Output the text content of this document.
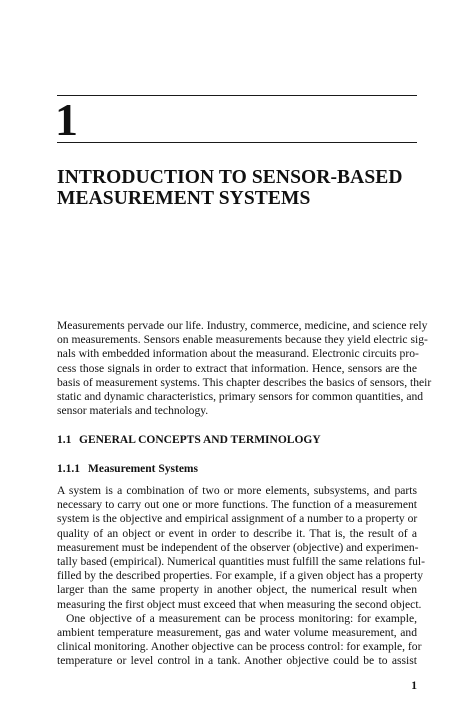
1
INTRODUCTION TO SENSOR-BASED
MEASUREMENT SYSTEMS
Measurements pervade our life. Industry, commerce, medicine, and science rely
on measurements. Sensors enable measurements because they yield electric sig-
nals with embedded information about the measurand. Electronic circuits pro-
cess those signals in order to extract that information. Hence, sensors are the
basis of measurement systems. This chapter describes the basics of sensors, their
static and dynamic characteristics, primary sensors for common quantities, and
sensor materials and technology.
1.1 GENERAL CONCEPTS AND TERMINOLOGY
1.1.1 Measurement Systems
A system is a combination of two or more elements, subsystems, and parts
necessary to carry out one or more functions. The function of a measurement
system is the objective and empirical assignment of a number to a property or
quality of an object or event in order to describe it. That is, the result of a
measurement must be independent of the observer (objective) and experimen-
tally based (empirical). Numerical quantities must fulfill the same relations ful-
filled by the described properties. For example, if a given object has a property
larger than the same property in another object, the numerical result when
measuring the first object must exceed that when measuring the second object.
One objective of a measurement can be process monitoring: for example,
ambient temperature measurement, gas and water volume measurement, and
clinical monitoring. Another objective can be process control: for example, for
temperature or level control in a tank. Another objective could be to assist
1
